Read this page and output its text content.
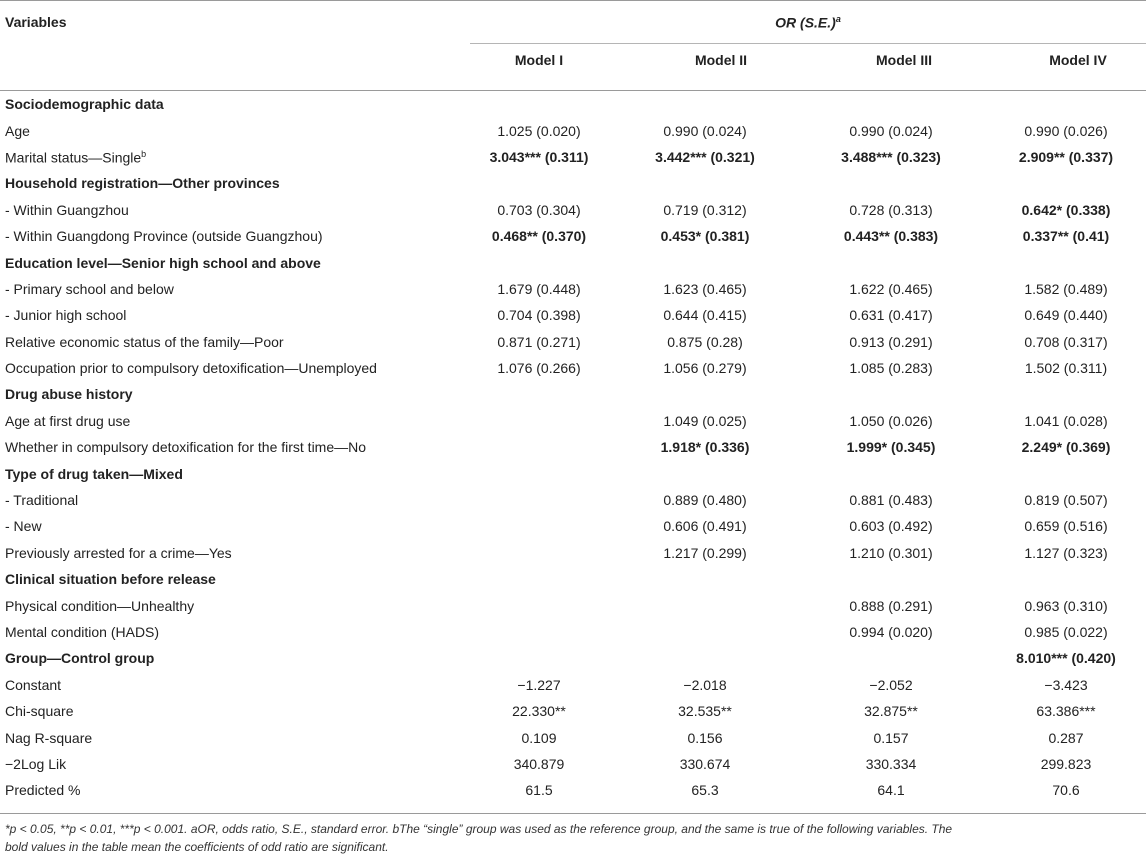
Variables	OR $(S.E.)^a$
Model I	Model II	Model III	Model IV
Sociodemographic data				
Age	1.025 (0.020)	0.990 (0.024)	0.990 (0.024)	0.990 (0.026)
Marital status—Single$^b$	3.043*** (0.311)	3.442*** (0.321)	3.488*** (0.323)	2.909** (0.337)
Household registration—Other provinces				
- Within Guangzhou	0.703 (0.304)	0.719 (0.312)	0.728 (0.313)	0.642* (0.338)
- Within Guangdong Province (outside Guangzhou)	0.468** (0.370)	0.453* (0.381)	0.443** (0.383)	0.337** (0.41)
Education level—Senior high school and above				
- Primary school and below	1.679 (0.448)	1.623 (0.465)	1.622 (0.465)	1.582 (0.489)
- Junior high school	0.704 (0.398)	0.644 (0.415)	0.631 (0.417)	0.649 (0.440)
Relative economic status of the family—Poor	0.871 (0.271)	0.875 (0.28)	0.913 (0.291)	0.708 (0.317)
Occupation prior to compulsory detoxification—Unemployed	1.076 (0.266)	1.056 (0.279)	1.085 (0.283)	1.502 (0.311)
Drug abuse history				
Age at first drug use		1.049 (0.025)	1.050 (0.026)	1.041 (0.028)
Whether in compulsory detoxification for the first time—No		1.918* (0.336)	1.999* (0.345)	2.249* (0.369)
Type of drug taken—Mixed				
- Traditional		0.889 (0.480)	0.881 (0.483)	0.819 (0.507)
- New		0.606 (0.491)	0.603 (0.492)	0.659 (0.516)
Previously arrested for a crime—Yes		1.217 (0.299)	1.210 (0.301)	1.127 (0.323)
Clinical situation before release				
Physical condition—Unhealthy			0.888 (0.291)	0.963 (0.310)
Mental condition (HADS)			0.994 (0.020)	0.985 (0.022)
Group—Control group				8.010*** (0.420)
Constant	−1.227	−2.018	−2.052	−3.423
Chi-square	22.330**	32.535**	32.875**	63.386***
Nag R-square	0.109	0.156	0.157	0.287
−2Log Lik	340.879	330.674	330.334	299.823
Predicted %	61.5	65.3	64.1	70.6
*p < 0.05, **p < 0.01, ***p < 0.001. aOR, odds ratio, S.E., standard error. bThe “single” group was used as the reference group, and the same is true of the following variables. The
bold values in the table mean the coefficients of odd ratio are significant.
